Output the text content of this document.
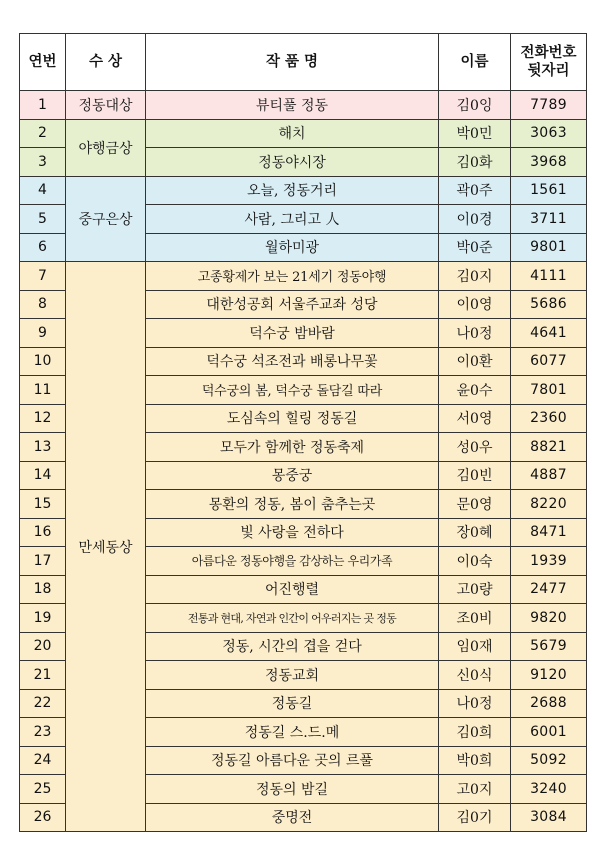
연번	수 상	작 품 명	이름	전화번호
뒷자리
1	정동대상	뷰티풀 정동	김0잉	7789
2	야행금상	해치	박0민	3063
3		정동야시장	김0화	3968
4	중구은상	오늘, 정동거리	곽0주	1561
5		사람, 그리고 人	이0경	3711
6		월하미광	박0준	9801
7	만세동상	고종황제가 보는 21세기 정동야행	김0지	4111
8		대한성공회 서울주교좌 성당	이0영	5686
9		덕수궁 밤바람	나0정	4641
10		덕수궁 석조전과 배롱나무꽃	이0환	6077
11		덕수궁의 봄, 덕수궁 돌담길 따라	윤0수	7801
12		도심속의 힐링 정동길	서0영	2360
13		모두가 함께한 정동축제	성0우	8821
14		몽중궁	김0빈	4887
15		몽환의 정동, 봄이 춤추는곳	문0영	8220
16		빛 사랑을 전하다	장0혜	8471
17		아름다운 정동야행을 감상하는 우리가족	이0숙	1939
18		어진행렬	고0량	2477
19		전통과 현대, 자연과 인간이 어우러지는 곳 정동	조0비	9820
20		정동, 시간의 겹을 걷다	임0재	5679
21		정동교회	신0식	9120
22		정동길	나0정	2688
23		정동길 스.드.메	김0희	6001
24		정동길 아름다운 곳의 르풀	박0희	5092
25		정동의 밤길	고0지	3240
26		중명전	김0기	3084
